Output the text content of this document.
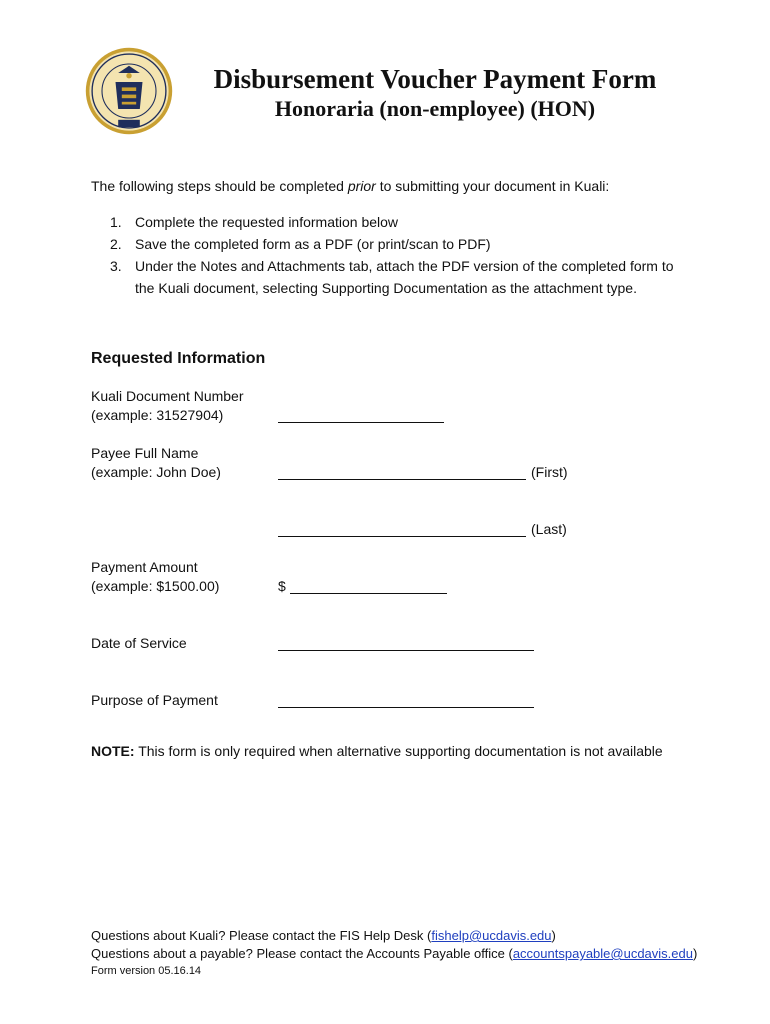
Disbursement Voucher Payment Form
Honoraria (non-employee) (HON)
The following steps should be completed prior to submitting your document in Kuali:
1. Complete the requested information below
2. Save the completed form as a PDF (or print/scan to PDF)
3. Under the Notes and Attachments tab, attach the PDF version of the completed form to
the Kuali document, selecting Supporting Documentation as the attachment type.
Requested Information
Kuali Document Number
(example: 31527904)
Payee Full Name
(example: John Doe)	(First)
(Last)
Payment Amount
(example: $1500.00)	$
Date of Service
Purpose of Payment
NOTE: This form is only required when alternative supporting documentation is not available
Questions about Kuali? Please contact the FIS Help Desk (fishelp@ucdavis.edu)
Questions about a payable? Please contact the Accounts Payable office (accountspayable@ucdavis.edu)
Form version 05.16.14
